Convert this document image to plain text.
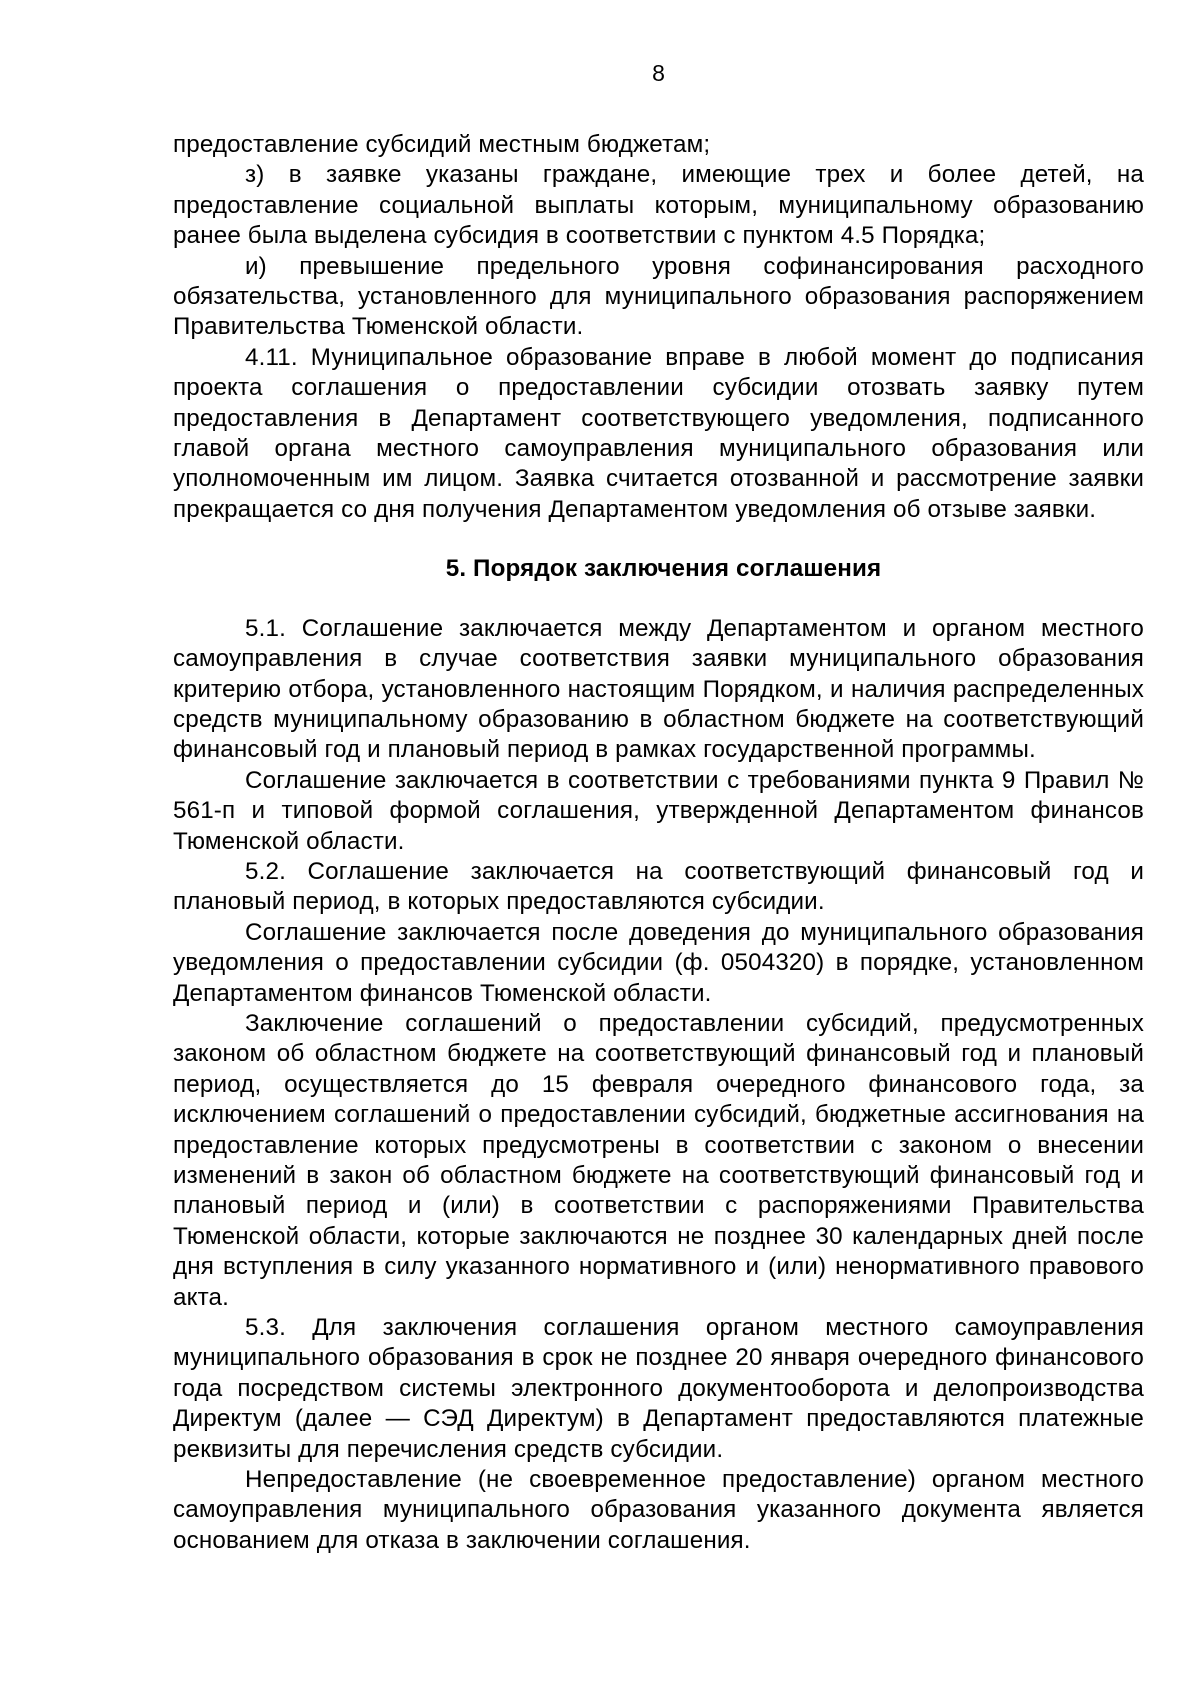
8

предоставление субсидий местным бюджетам;

з) в заявке указаны граждане, имеющие трех и более детей, на предоставление социальной выплаты которым, муниципальному образованию ранее была выделена субсидия в соответствии с пунктом 4.5 Порядка;

и) превышение предельного уровня софинансирования расходного обязательства, установленного для муниципального образования распоряжением Правительства Тюменской области.

4.11. Муниципальное образование вправе в любой момент до подписания проекта соглашения о предоставлении субсидии отозвать заявку путем предоставления в Департамент соответствующего уведомления, подписанного главой органа местного самоуправления муниципального образования или уполномоченным им лицом. Заявка считается отозванной и рассмотрение заявки прекращается со дня получения Департаментом уведомления об отзыве заявки.

5. Порядок заключения соглашения

5.1. Соглашение заключается между Департаментом и органом местного самоуправления в случае соответствия заявки муниципального образования критерию отбора, установленного настоящим Порядком, и наличия распределенных средств муниципальному образованию в областном бюджете на соответствующий финансовый год и плановый период в рамках государственной программы.

Соглашение заключается в соответствии с требованиями пункта 9 Правил № 561-п и типовой формой соглашения, утвержденной Департаментом финансов Тюменской области.

5.2. Соглашение заключается на соответствующий финансовый год и плановый период, в которых предоставляются субсидии.

Соглашение заключается после доведения до муниципального образования уведомления о предоставлении субсидии (ф. 0504320) в порядке, установленном Департаментом финансов Тюменской области.

Заключение соглашений о предоставлении субсидий, предусмотренных законом об областном бюджете на соответствующий финансовый год и плановый период, осуществляется до 15 февраля очередного финансового года, за исключением соглашений о предоставлении субсидий, бюджетные ассигнования на предоставление которых предусмотрены в соответствии с законом о внесении изменений в закон об областном бюджете на соответствующий финансовый год и плановый период и (или) в соответствии с распоряжениями Правительства Тюменской области, которые заключаются не позднее 30 календарных дней после дня вступления в силу указанного нормативного и (или) ненормативного правового акта.

5.3. Для заключения соглашения органом местного самоуправления муниципального образования в срок не позднее 20 января очередного финансового года посредством системы электронного документооборота и делопроизводства Директум (далее — СЭД Директум) в Департамент предоставляются платежные реквизиты для перечисления средств субсидии.

Непредоставление (не своевременное предоставление) органом местного самоуправления муниципального образования указанного документа является основанием для отказа в заключении соглашения.
